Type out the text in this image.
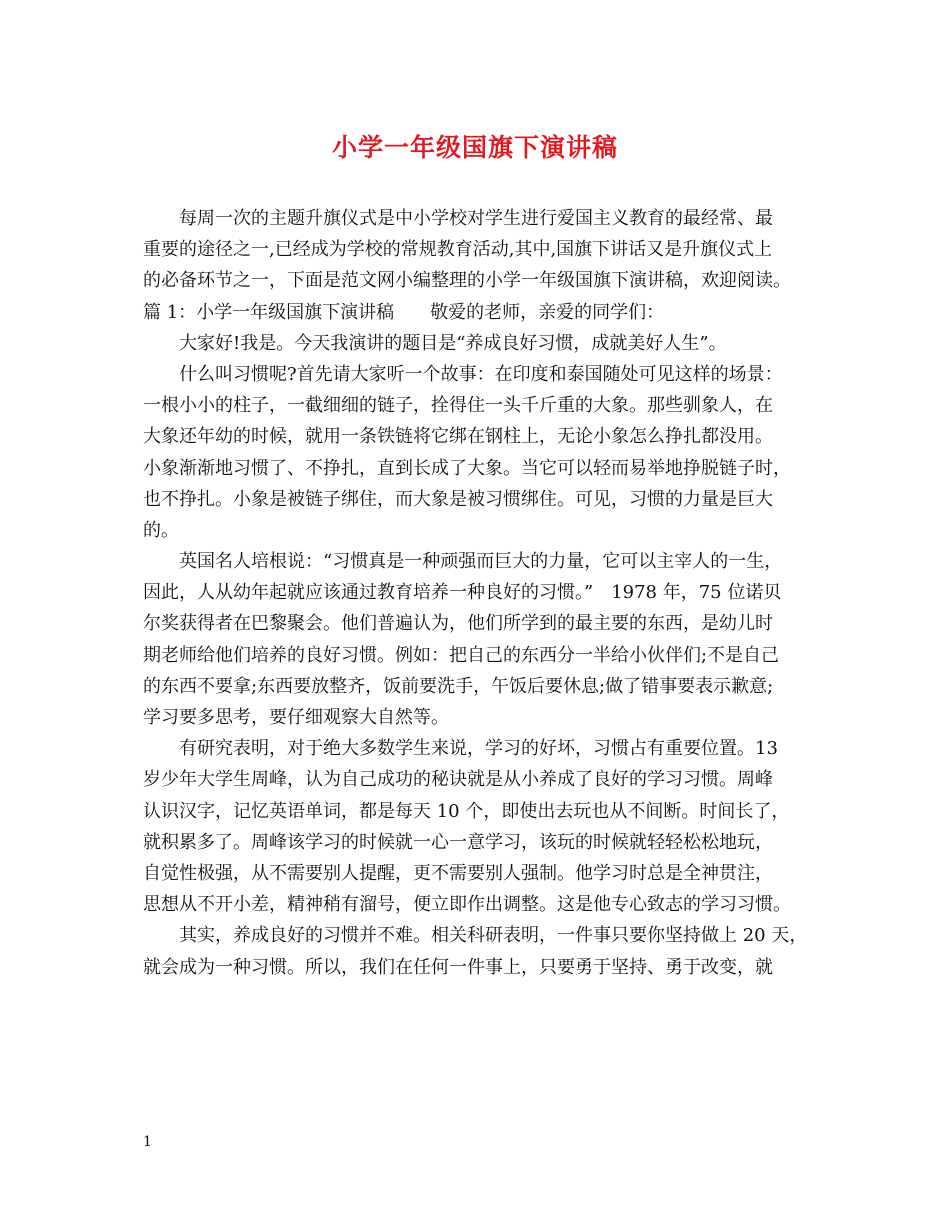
小学一年级国旗下演讲稿
每周一次的主题升旗仪式是中小学校对学生进行爱国主义教育的最经常、最
重要的途径之一,已经成为学校的常规教育活动,其中,国旗下讲话又是升旗仪式上
的必备环节之一，下面是范文网小编整理的小学一年级国旗下演讲稿，欢迎阅读。
篇 1：小学一年级国旗下演讲稿　　敬爱的老师，亲爱的同学们：
大家好!我是。今天我演讲的题目是“养成良好习惯，成就美好人生”。
什么叫习惯呢?首先请大家听一个故事：在印度和泰国随处可见这样的场景：
一根小小的柱子，一截细细的链子，拴得住一头千斤重的大象。那些驯象人，在
大象还年幼的时候，就用一条铁链将它绑在钢柱上，无论小象怎么挣扎都没用。
小象渐渐地习惯了、不挣扎，直到长成了大象。当它可以轻而易举地挣脱链子时，
也不挣扎。小象是被链子绑住，而大象是被习惯绑住。可见，习惯的力量是巨大
的。
英国名人培根说：“习惯真是一种顽强而巨大的力量，它可以主宰人的一生，
因此，人从幼年起就应该通过教育培养一种良好的习惯。”　1978 年，75 位诺贝
尔奖获得者在巴黎聚会。他们普遍认为，他们所学到的最主要的东西，是幼儿时
期老师给他们培养的良好习惯。例如：把自己的东西分一半给小伙伴们;不是自己
的东西不要拿;东西要放整齐，饭前要洗手，午饭后要休息;做了错事要表示歉意;
学习要多思考，要仔细观察大自然等。
有研究表明，对于绝大多数学生来说，学习的好坏，习惯占有重要位置。13
岁少年大学生周峰，认为自己成功的秘诀就是从小养成了良好的学习习惯。周峰
认识汉字，记忆英语单词，都是每天 10 个，即使出去玩也从不间断。时间长了，
就积累多了。周峰该学习的时候就一心一意学习，该玩的时候就轻轻松松地玩，
自觉性极强，从不需要别人提醒，更不需要别人强制。他学习时总是全神贯注，
思想从不开小差，精神稍有溜号，便立即作出调整。这是他专心致志的学习习惯。
其实，养成良好的习惯并不难。相关科研表明，一件事只要你坚持做上 20 天，
就会成为一种习惯。所以，我们在任何一件事上，只要勇于坚持、勇于改变，就
1
